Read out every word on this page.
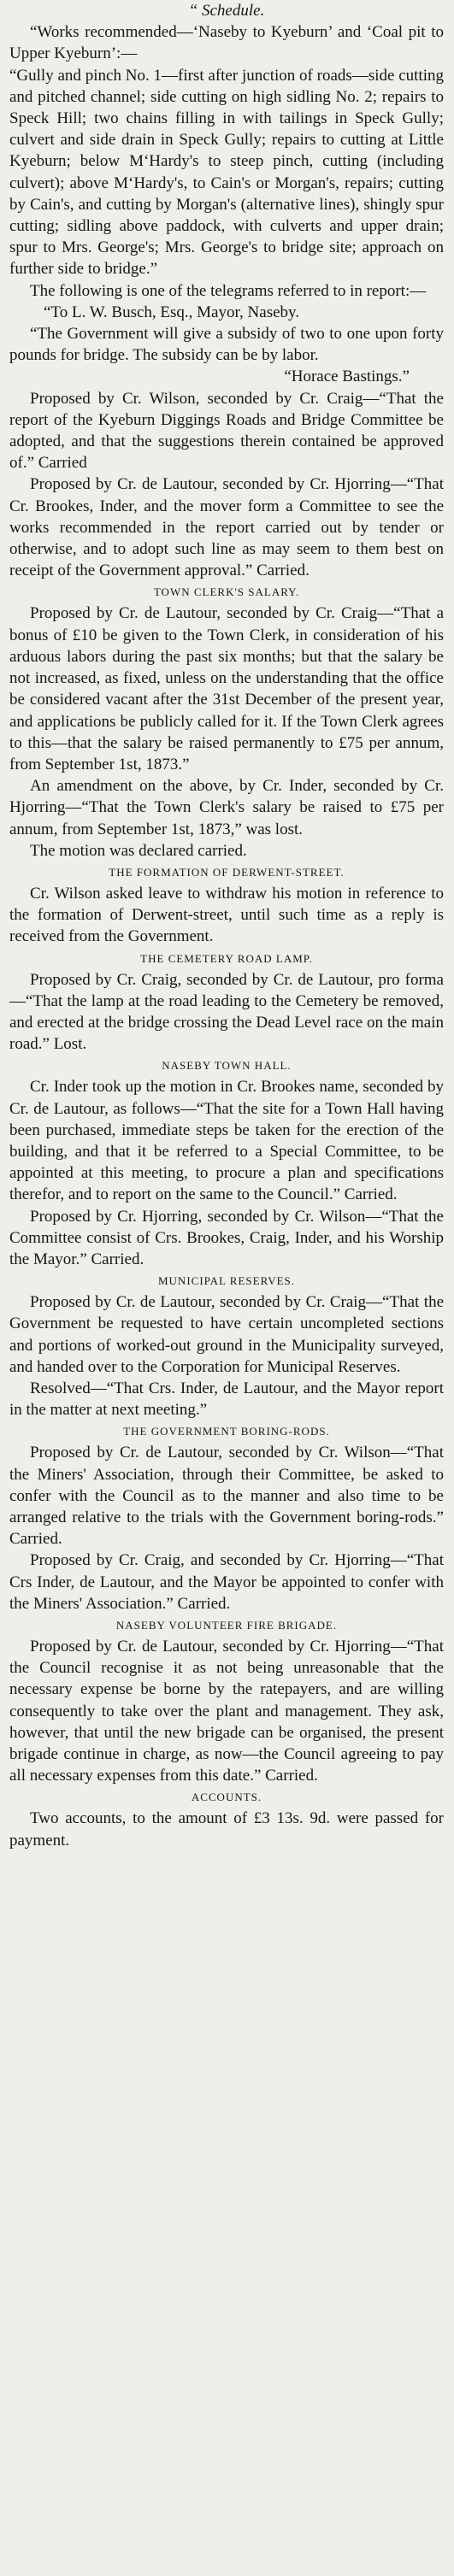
“ Schedule.

“Works recommended—‘Naseby to Kyeburn’ and ‘Coal pit to Upper Kyeburn’:—
“Gully and pinch No. 1—first after junction of roads—side cutting and pitched channel; side cutting on high sidling No. 2; repairs to Speck Hill; two chains filling in with tailings in Speck Gully; culvert and side drain in Speck Gully; repairs to cutting at Little Kyeburn; below M‘Hardy's to steep pinch, cutting (including culvert); above M‘Hardy's, to Cain's or Morgan's, repairs; cutting by Cain's, and cutting by Morgan's (alternative lines), shingly spur cutting; sidling above paddock, with culverts and upper drain; spur to Mrs. George's; Mrs. George's to bridge site; approach on further side to bridge.”

The following is one of the telegrams referred to in report:—

“To L. W. Busch, Esq., Mayor, Naseby.

“The Government will give a subsidy of two to one upon forty pounds for bridge. The subsidy can be by labor.

“Horace Bastings.”

Proposed by Cr. Wilson, seconded by Cr. Craig—“That the report of the Kyeburn Diggings Roads and Bridge Committee be adopted, and that the suggestions therein contained be approved of.” Carried

Proposed by Cr. de Lautour, seconded by Cr. Hjorring—“That Cr. Brookes, Inder, and the mover form a Committee to see the works recommended in the report carried out by tender or otherwise, and to adopt such line as may seem to them best on receipt of the Government approval.” Carried.

TOWN CLERK'S SALARY.

Proposed by Cr. de Lautour, seconded by Cr. Craig—“That a bonus of £10 be given to the Town Clerk, in consideration of his arduous labors during the past six months; but that the salary be not increased, as fixed, unless on the understanding that the office be considered vacant after the 31st December of the present year, and applications be publicly called for it. If the Town Clerk agrees to this—that the salary be raised permanently to £75 per annum, from September 1st, 1873.”

An amendment on the above, by Cr. Inder, seconded by Cr. Hjorring—“That the Town Clerk's salary be raised to £75 per annum, from September 1st, 1873,” was lost.

The motion was declared carried.

THE FORMATION OF DERWENT-STREET.

Cr. Wilson asked leave to withdraw his motion in reference to the formation of Derwent-street, until such time as a reply is received from the Government.

THE CEMETERY ROAD LAMP.

Proposed by Cr. Craig, seconded by Cr. de Lautour, pro forma—“That the lamp at the road leading to the Cemetery be removed, and erected at the bridge crossing the Dead Level race on the main road.” Lost.

NASEBY TOWN HALL.

Cr. Inder took up the motion in Cr. Brookes name, seconded by Cr. de Lautour, as follows—“That the site for a Town Hall having been purchased, immediate steps be taken for the erection of the building, and that it be referred to a Special Committee, to be appointed at this meeting, to procure a plan and specifications therefor, and to report on the same to the Council.” Carried.

Proposed by Cr. Hjorring, seconded by Cr. Wilson—“That the Committee consist of Crs. Brookes, Craig, Inder, and his Worship the Mayor.” Carried.

MUNICIPAL RESERVES.

Proposed by Cr. de Lautour, seconded by Cr. Craig—“That the Government be requested to have certain uncompleted sections and portions of worked-out ground in the Municipality surveyed, and handed over to the Corporation for Municipal Reserves.

Resolved—“That Crs. Inder, de Lautour, and the Mayor report in the matter at next meeting.”

THE GOVERNMENT BORING-RODS.

Proposed by Cr. de Lautour, seconded by Cr. Wilson—“That the Miners' Association, through their Committee, be asked to confer with the Council as to the manner and also time to be arranged relative to the trials with the Government boring-rods.” Carried.

Proposed by Cr. Craig, and seconded by Cr. Hjorring—“That Crs Inder, de Lautour, and the Mayor be appointed to confer with the Miners' Association.” Carried.

NASEBY VOLUNTEER FIRE BRIGADE.

Proposed by Cr. de Lautour, seconded by Cr. Hjorring—“That the Council recognise it as not being unreasonable that the necessary expense be borne by the ratepayers, and are willing consequently to take over the plant and management. They ask, however, that until the new brigade can be organised, the present brigade continue in charge, as now—the Council agreeing to pay all necessary expenses from this date.” Carried.

ACCOUNTS.

Two accounts, to the amount of £3 13s. 9d. were passed for payment.
